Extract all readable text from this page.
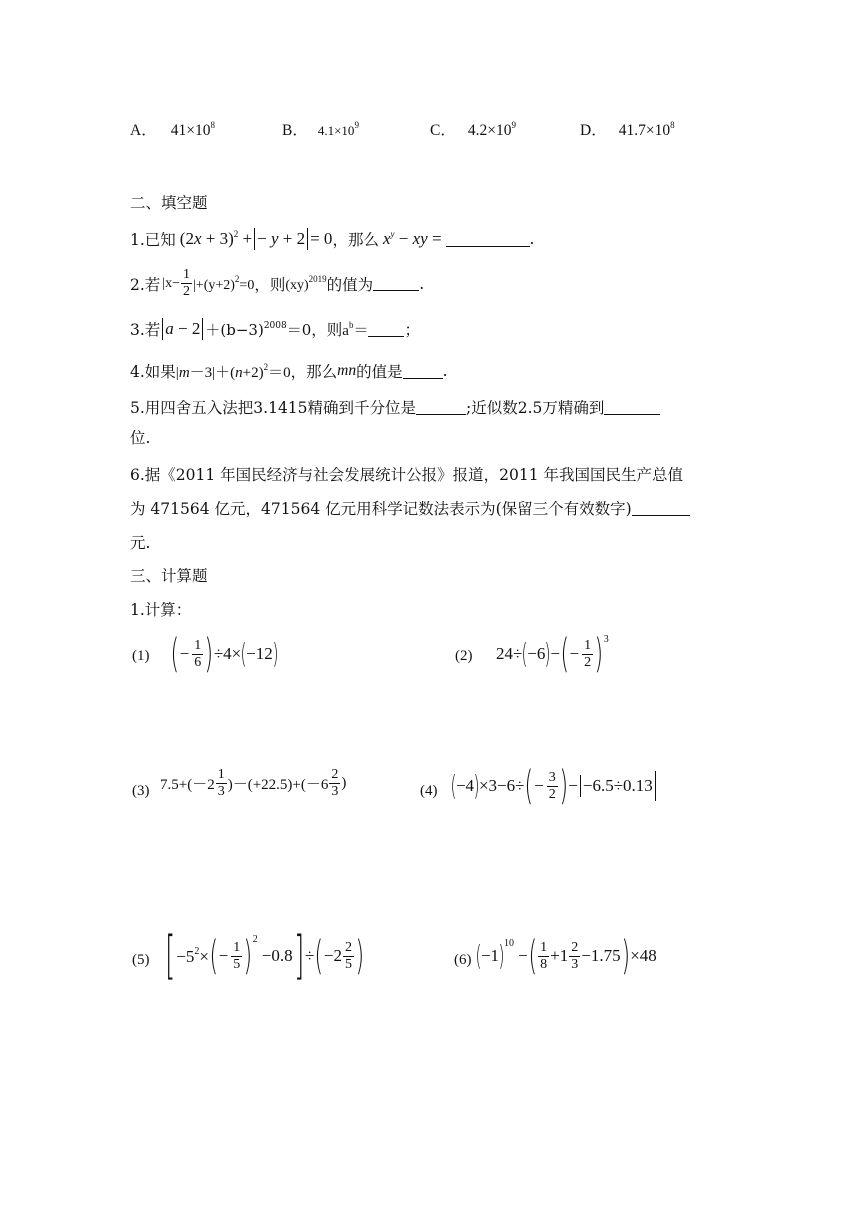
A． $41\times 10^8$	B． $4.1\times 10^9$	C． $4.2\times 10^9$	D． $41.7\times 10^8$
二、填空题
1.已知 $(2x + 3)^2$ + − y + 2 = 0 ，那么 $x^y$ − xy =	.
2.若 $|x- \frac{1}{2} |+(y+2)^2=0$ ，则 (xy)$^{2019}$ 的值为	.
3.若 $a - 2 +(b-3)^{2008}=0$ ，则 $a^b=$ ；
4.如果 $|m-3|+(n+2)^2=0$ ，那么 mn 的值是	.
5.用四舍五入法把3.1415精确到千分位是	;近似数2.5万精确到
位.
6.据《2011 年国民经济与社会发展统计公报》报道，2011 年我国国民生产总值
为 471564 亿元，471564 亿元用科学记数法表示为(保留三个有效数字)
元.
三、计算题
1.计算：
(1) ( − $\frac{1}{6}$ ) ÷4× ( −12 )	(2) 24÷ ( −6 ) − ( − $\frac{1}{2}$ ) 3
(3) $7.5+(-2 \frac{1}{3} )-(+22.5)+(-6 \frac{2}{3}$ )	(4) ( −4 ) ×3−6÷ ( − $\frac{3}{2}$ ) − −6.5÷0.13
(5) [ $-5^2\times$ ( − $\frac{1}{5}$ ) 2
−0.8 ] ÷ ( $-2 \frac{2}{5}$ )	(6) ( −1 ) 10
− ( $\frac{1}{8} +1 \frac{2}{3} -1.75$ ) ×48
